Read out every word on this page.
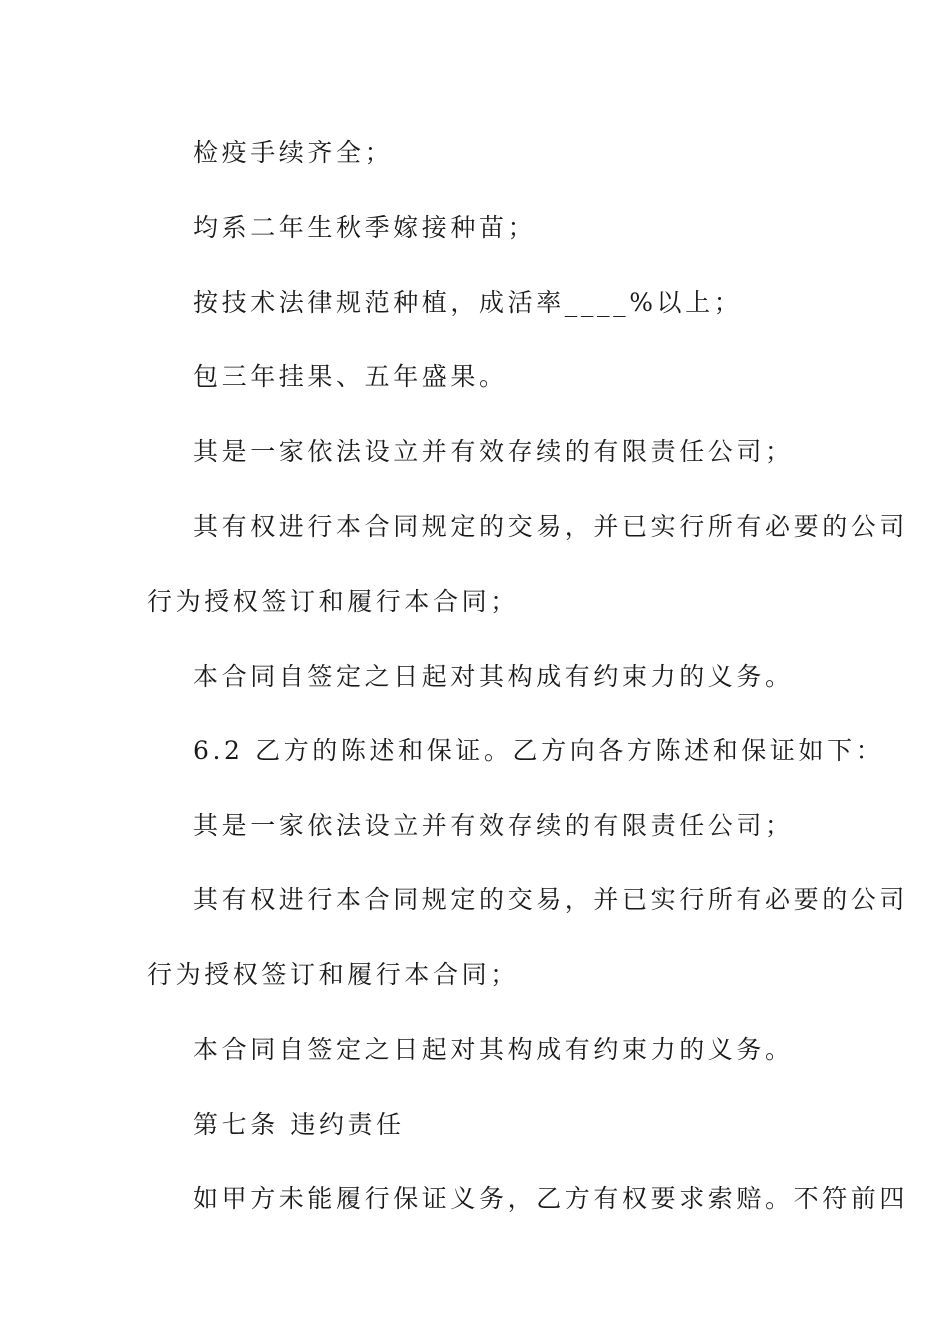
检疫手续齐全；
均系二年生秋季嫁接种苗；
按技术法律规范种植，成活率____%以上；
包三年挂果、五年盛果。
其是一家依法设立并有效存续的有限责任公司；
其有权进行本合同规定的交易，并已实行所有必要的公司
行为授权签订和履行本合同；
本合同自签定之日起对其构成有约束力的义务。
6.2 乙方的陈述和保证。乙方向各方陈述和保证如下：
其是一家依法设立并有效存续的有限责任公司；
其有权进行本合同规定的交易，并已实行所有必要的公司
行为授权签订和履行本合同；
本合同自签定之日起对其构成有约束力的义务。
第七条 违约责任
如甲方未能履行保证义务，乙方有权要求索赔。不符前四
